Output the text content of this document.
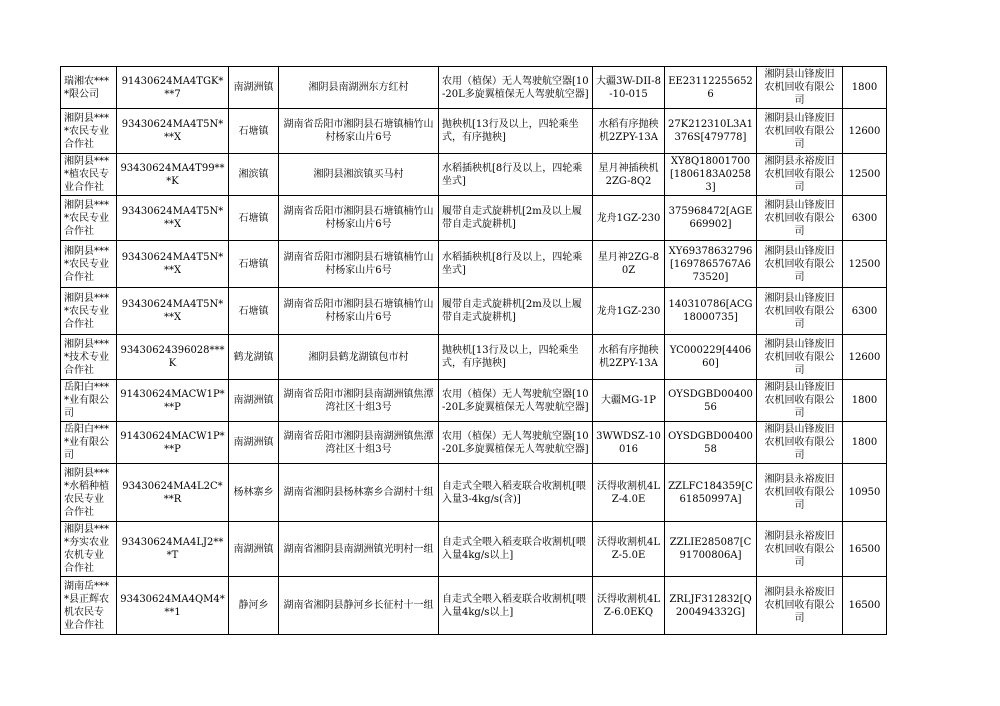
瑞湘农****限公司	91430624MA4TGK***7	南湖洲镇	湘阴县南湖洲东方红村	农用（植保）无人驾驶航空器[10-20L多旋翼植保无人驾驶航空器]	大疆3W-DII-8-10-015	EE231122556526	湘阴县山锋废旧农机回收有限公司	1800
湘阴县****农民专业合作社	93430624MA4T5N***X	石塘镇	湖南省岳阳市湘阴县石塘镇楠竹山村杨家山片6号	抛秧机[13行及以上，四轮乘坐式，有序抛秧]	水稻有序抛秧机2ZPY-13A	27K212310L3A1376S[479778]	湘阴县山锋废旧农机回收有限公司	12600
湘阴县****植农民专业合作社	93430624MA4T99***K	湘滨镇	湘阴县湘滨镇买马村	水稻插秧机[8行及以上，四轮乘坐式]	星月神插秧机2ZG-8Q2	XY8Q18001700[1806183A02583]	湘阴县永裕废旧农机回收有限公司	12500
湘阴县****农民专业合作社	93430624MA4T5N***X	石塘镇	湖南省岳阳市湘阴县石塘镇楠竹山村杨家山片6号	履带自走式旋耕机[2m及以上履带自走式旋耕机]	龙舟1GZ-230	375968472[AGE669902]	湘阴县山锋废旧农机回收有限公司	6300
湘阴县****农民专业合作社	93430624MA4T5N***X	石塘镇	湖南省岳阳市湘阴县石塘镇楠竹山村杨家山片6号	水稻插秧机[8行及以上，四轮乘坐式]	星月神2ZG-80Z	XY69378632796[1697865767A673520]	湘阴县山锋废旧农机回收有限公司	12500
湘阴县****农民专业合作社	93430624MA4T5N***X	石塘镇	湖南省岳阳市湘阴县石塘镇楠竹山村杨家山片6号	履带自走式旋耕机[2m及以上履带自走式旋耕机]	龙舟1GZ-230	140310786[ACG18000735]	湘阴县山锋废旧农机回收有限公司	6300
湘阴县****技术专业合作社	93430624396028***K	鹤龙湖镇	湘阴县鹤龙湖镇包市村	抛秧机[13行及以上，四轮乘坐式，有序抛秧]	水稻有序抛秧机2ZPY-13A	YC000229[440660]	湘阴县山锋废旧农机回收有限公司	12600
岳阳白****业有限公司	91430624MACW1P***P	南湖洲镇	湖南省岳阳市湘阴县南湖洲镇焦潭湾社区十组3号	农用（植保）无人驾驶航空器[10-20L多旋翼植保无人驾驶航空器]	大疆MG-1P	OYSDGBD0040056	湘阴县山锋废旧农机回收有限公司	1800
岳阳白****业有限公司	91430624MACW1P***P	南湖洲镇	湖南省岳阳市湘阴县南湖洲镇焦潭湾社区十组3号	农用（植保）无人驾驶航空器[10-20L多旋翼植保无人驾驶航空器]	3WWDSZ-10016	OYSDGBD0040058	湘阴县山锋废旧农机回收有限公司	1800
湘阴县****水稻种植农民专业合作社	93430624MA4L2C***R	杨林寨乡	湖南省湘阴县杨林寨乡合湖村十组	自走式全喂入稻麦联合收割机[喂入量3-4kg/s(含)]	沃得收割机4LZ-4.0E	ZZLFC184359[C61850997A]	湘阴县永裕废旧农机回收有限公司	10950
湘阴县****夯实农业农机专业合作社	93430624MA4LJ2***T	南湖洲镇	湖南省湘阴县南湖洲镇光明村一组	自走式全喂入稻麦联合收割机[喂入量4kg/s以上]	沃得收割机4LZ-5.0E	ZZLIE285087[C91700806A]	湘阴县永裕废旧农机回收有限公司	16500
湖南岳****县正辉农机农民专业合作社	93430624MA4QM4***1	静河乡	湖南省湘阴县静河乡长征村十一组	自走式全喂入稻麦联合收割机[喂入量4kg/s以上]	沃得收割机4LZ-6.0EKQ	ZRLJF312832[Q200494332G]	湘阴县永裕废旧农机回收有限公司	16500
